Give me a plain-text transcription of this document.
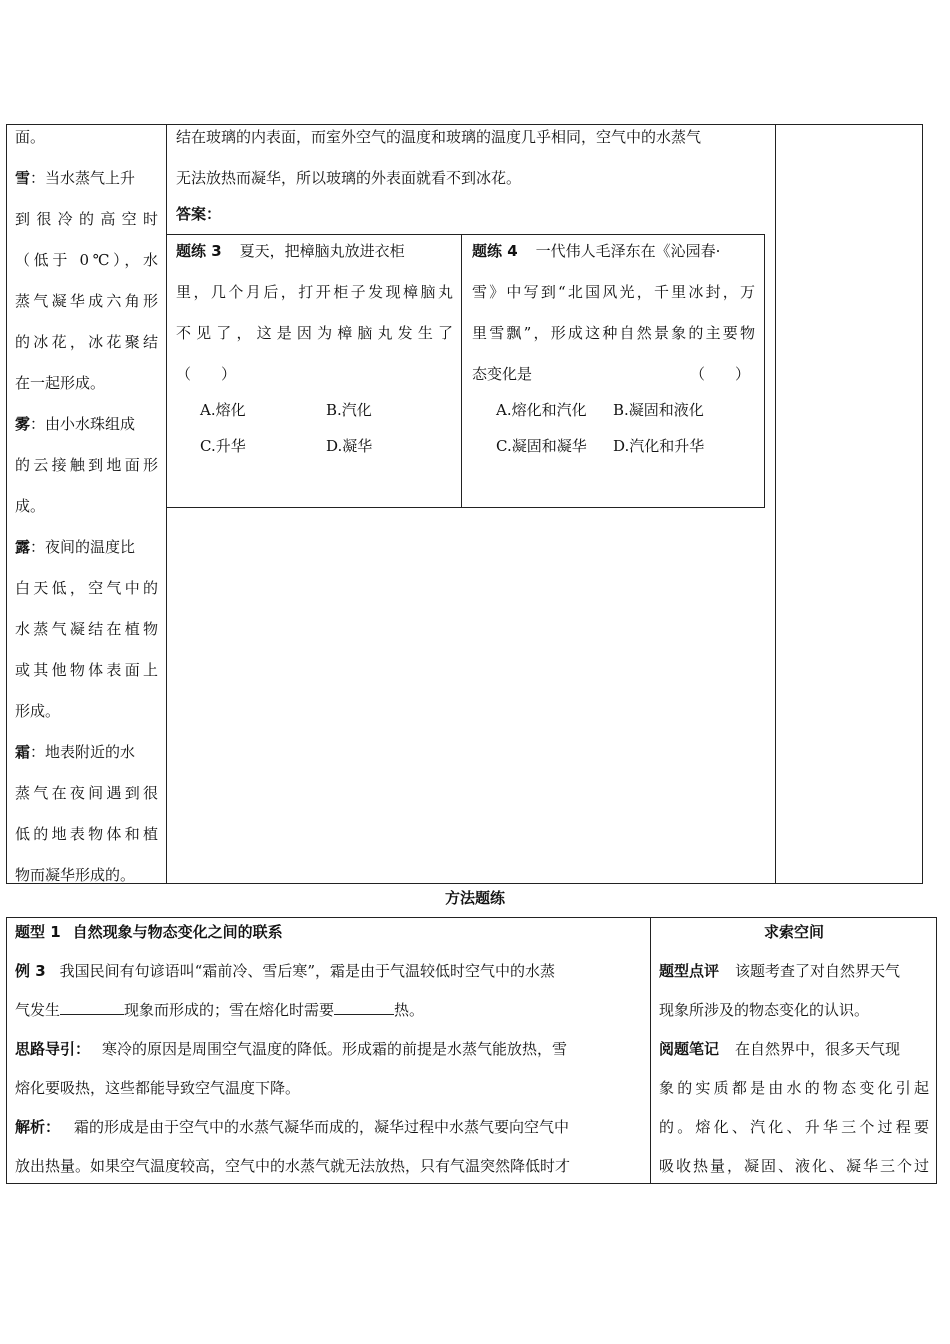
面。
雪：当水蒸气上升
到很冷的高空时
（低于 0℃），水
蒸气凝华成六角形
的冰花，冰花聚结
在一起形成。
雾：由小水珠组成
的云接触到地面形
成。
露：夜间的温度比
白天低，空气中的
水蒸气凝结在植物
或其他物体表面上
形成。
霜：地表附近的水
蒸气在夜间遇到很
低的地表物体和植
物而凝华形成的。
结在玻璃的内表面，而室外空气的温度和玻璃的温度几乎相同，空气中的水蒸气
无法放热而凝华，所以玻璃的外表面就看不到冰花。
答案：
题练 3 夏天，把樟脑丸放进衣柜
里，几个月后，打开柜子发现樟脑丸
不见了，这是因为樟脑丸发生了
（　　）
A.熔化	B.汽化
C.升华	D.凝华
题练 4 一代伟人毛泽东在《沁园春·
雪》中写到“北国风光，千里冰封，万
里雪飘”，形成这种自然景象的主要物
态变化是	（　　）
A.熔化和汽化 B.凝固和液化
C.凝固和凝华 D.汽化和升华
方法题练
题型 1 自然现象与物态变化之间的联系
例 3 我国民间有句谚语叫“霜前冷、雪后寒”，霜是由于气温较低时空气中的水蒸
气发生	现象而形成的；雪在熔化时需要	热。
思路导引： 寒冷的原因是周围空气温度的降低。形成霜的前提是水蒸气能放热，雪
熔化要吸热，这些都能导致空气温度下降。
解析： 霜的形成是由于空气中的水蒸气凝华而成的，凝华过程中水蒸气要向空气中
放出热量。如果空气温度较高，空气中的水蒸气就无法放热，只有气温突然降低时才
求索空间
题型点评 该题考查了对自然界天气
现象所涉及的物态变化的认识。
阅题笔记 在自然界中，很多天气现
象的实质都是由水的物态变化引起
的。熔化、汽化、升华三个过程要
吸收热量，凝固、液化、凝华三个过
